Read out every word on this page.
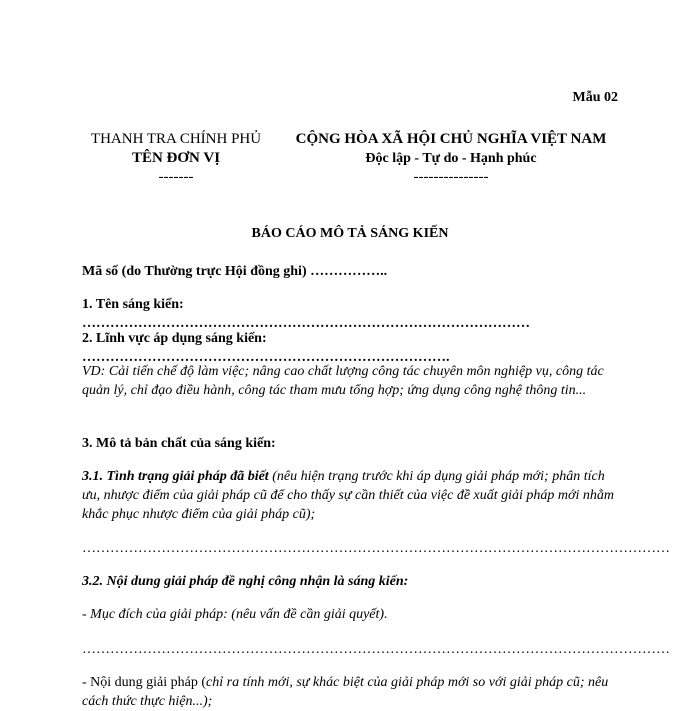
Mẫu 02
THANH TRA CHÍNH PHỦ
TÊN ĐƠN VỊ
-------
CỘNG HÒA XÃ HỘI CHỦ NGHĨA VIỆT NAM
Độc lập - Tự do - Hạnh phúc
---------------
BÁO CÁO MÔ TẢ SÁNG KIẾN
Mã số (do Thường trực Hội đồng ghi) ……………..
1. Tên sáng kiến: ……………………………………………………………………………………
2. Lĩnh vực áp dụng sáng kiến: …………………………………………………………………….
VD: Cải tiến chế độ làm việc; nâng cao chất lượng công tác chuyên môn nghiệp vụ, công tác quản lý, chỉ đạo điều hành, công tác tham mưu tổng hợp; ứng dụng công nghệ thông tin...
3. Mô tả bản chất của sáng kiến:
3.1. Tình trạng giải pháp đã biết (nêu hiện trạng trước khi áp dụng giải pháp mới; phân tích ưu, nhược điểm của giải pháp cũ để cho thấy sự cần thiết của việc đề xuất giải pháp mới nhằm khắc phục nhược điểm của giải pháp cũ);
………………………………………………………………………………………………………………
3.2. Nội dung giải pháp đề nghị công nhận là sáng kiến:
- Mục đích của giải pháp: (nêu vấn đề cần giải quyết).
………………………………………………………………………………………………………………
- Nội dung giải pháp (chỉ ra tính mới, sự khác biệt của giải pháp mới so với giải pháp cũ; nêu cách thức thực hiện...);
